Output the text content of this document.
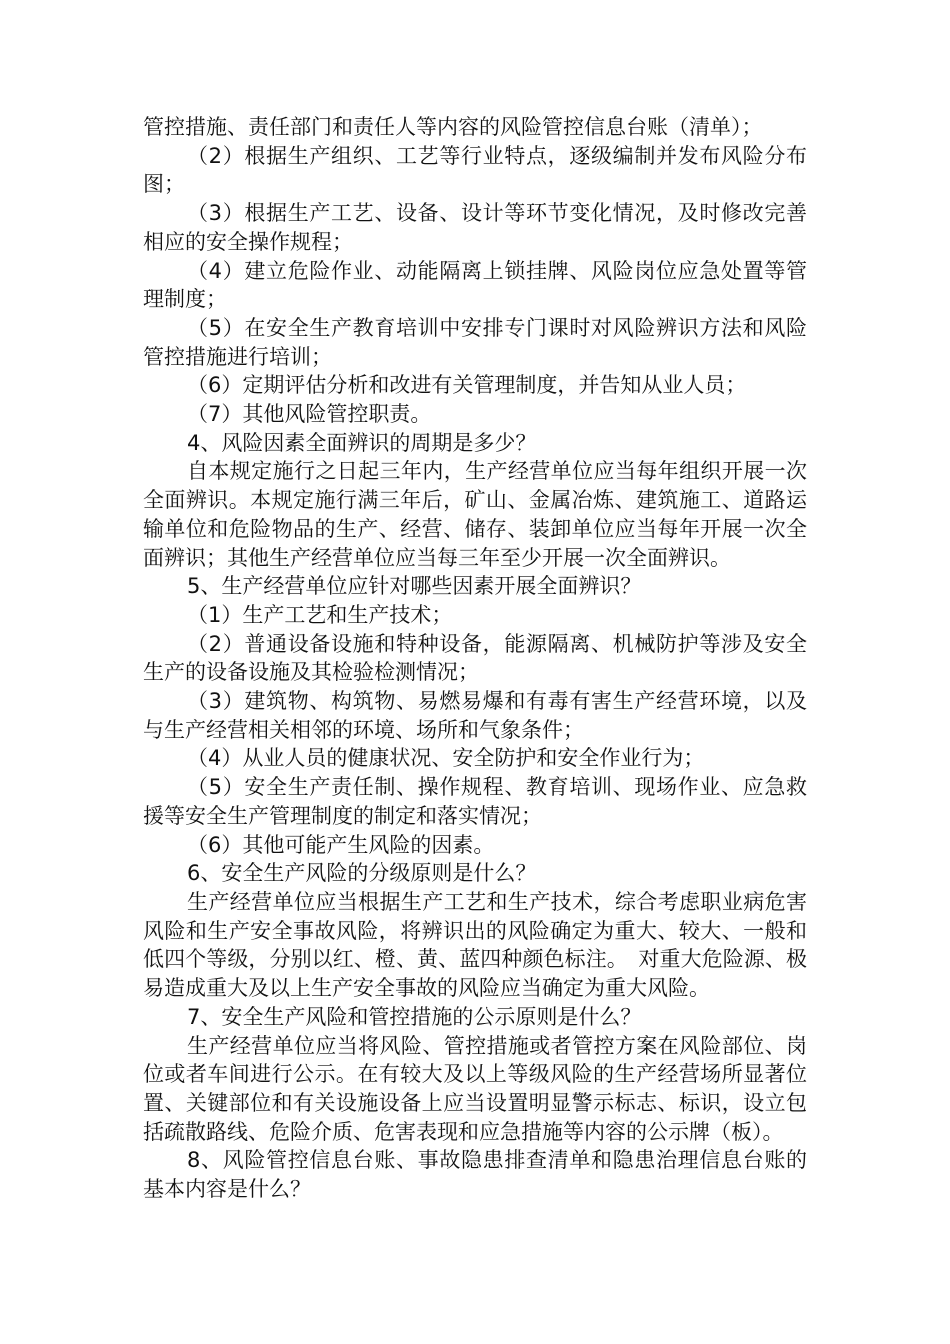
管控措施、责任部门和责任人等内容的风险管控信息台账（清单）；

（2）根据生产组织、工艺等行业特点，逐级编制并发布风险分布图；

（3）根据生产工艺、设备、设计等环节变化情况，及时修改完善相应的安全操作规程；

（4）建立危险作业、动能隔离上锁挂牌、风险岗位应急处置等管理制度；

（5）在安全生产教育培训中安排专门课时对风险辨识方法和风险管控措施进行培训；

（6）定期评估分析和改进有关管理制度，并告知从业人员；

（7）其他风险管控职责。

4、风险因素全面辨识的周期是多少？

自本规定施行之日起三年内，生产经营单位应当每年组织开展一次全面辨识。本规定施行满三年后，矿山、金属冶炼、建筑施工、道路运输单位和危险物品的生产、经营、储存、装卸单位应当每年开展一次全面辨识；其他生产经营单位应当每三年至少开展一次全面辨识。

5、生产经营单位应针对哪些因素开展全面辨识？

（1）生产工艺和生产技术；

（2）普通设备设施和特种设备，能源隔离、机械防护等涉及安全生产的设备设施及其检验检测情况；

（3）建筑物、构筑物、易燃易爆和有毒有害生产经营环境，以及与生产经营相关相邻的环境、场所和气象条件；

（4）从业人员的健康状况、安全防护和安全作业行为；

（5）安全生产责任制、操作规程、教育培训、现场作业、应急救援等安全生产管理制度的制定和落实情况；

（6）其他可能产生风险的因素。

6、安全生产风险的分级原则是什么？

生产经营单位应当根据生产工艺和生产技术，综合考虑职业病危害风险和生产安全事故风险，将辨识出的风险确定为重大、较大、一般和低四个等级，分别以红、橙、黄、蓝四种颜色标注。　对重大危险源、极易造成重大及以上生产安全事故的风险应当确定为重大风险。

7、安全生产风险和管控措施的公示原则是什么？

生产经营单位应当将风险、管控措施或者管控方案在风险部位、岗位或者车间进行公示。在有较大及以上等级风险的生产经营场所显著位置、关键部位和有关设施设备上应当设置明显警示标志、标识，设立包括疏散路线、危险介质、危害表现和应急措施等内容的公示牌（板）。

8、风险管控信息台账、事故隐患排查清单和隐患治理信息台账的基本内容是什么？
